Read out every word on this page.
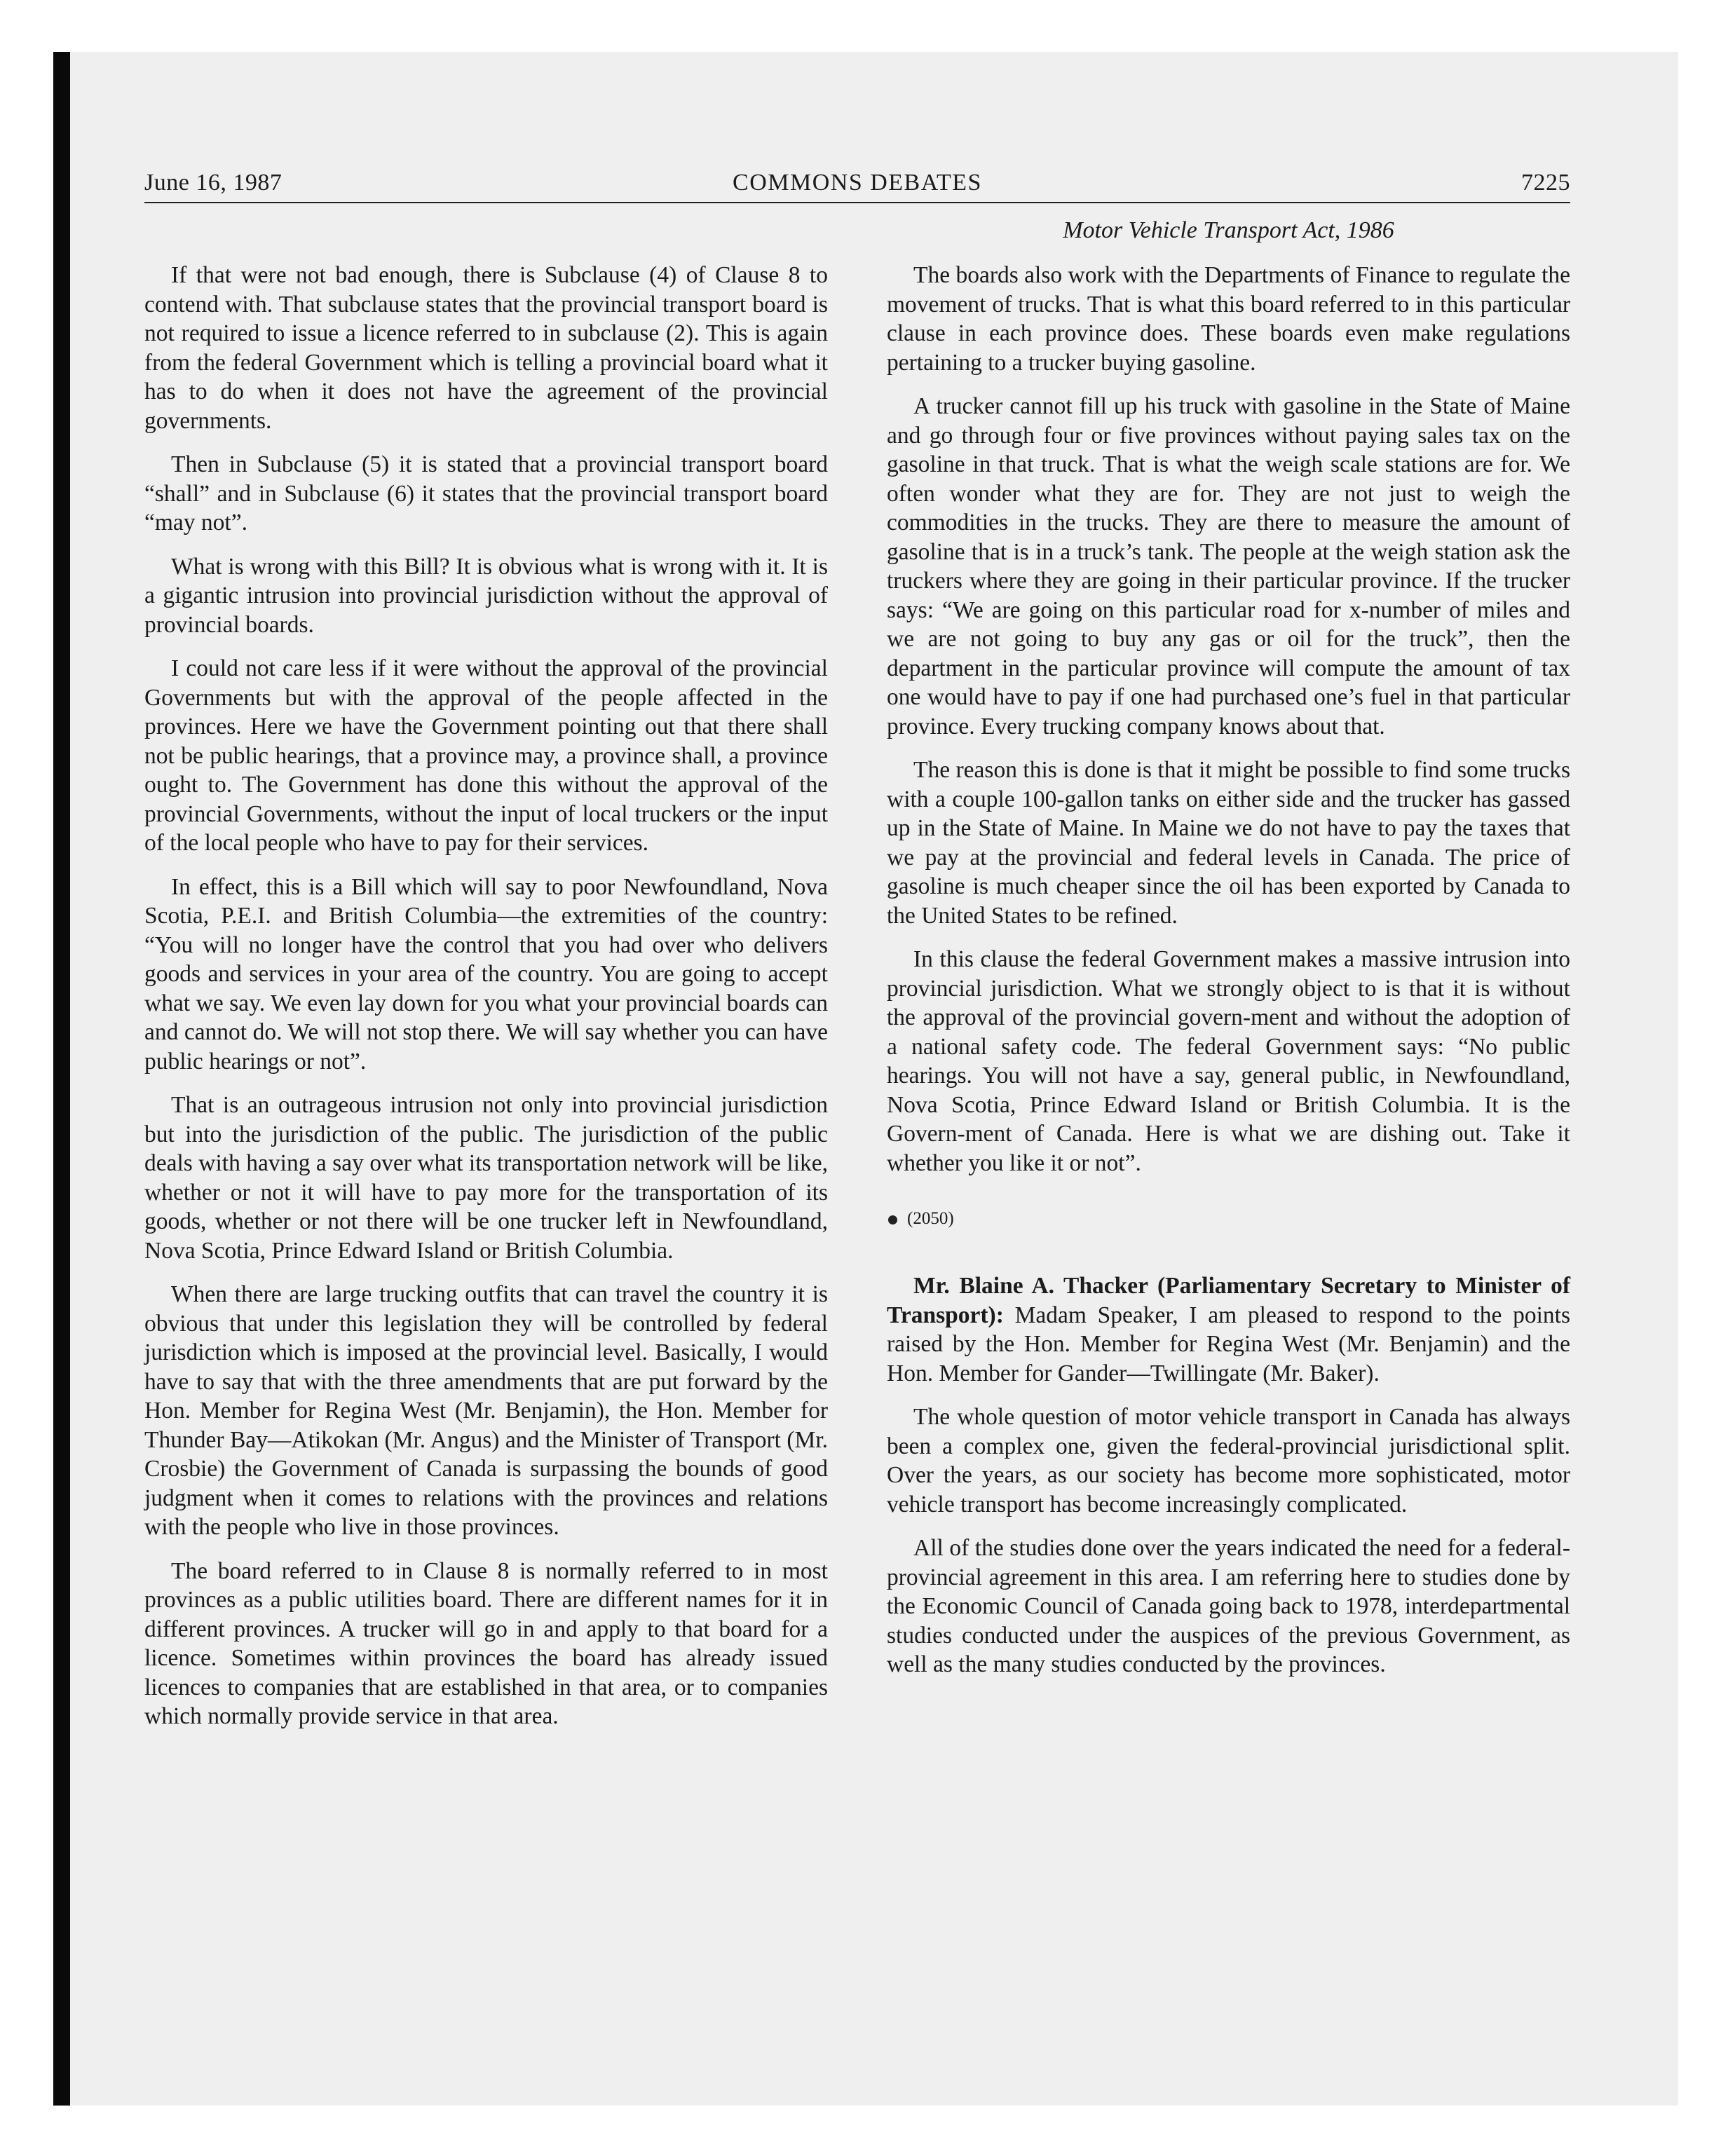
June 16, 1987	COMMONS DEBATES	7225
Motor Vehicle Transport Act, 1986

If that were not bad enough, there is Subclause (4) of Clause 8 to contend with. That subclause states that the provincial transport board is not required to issue a licence referred to in subclause (2). This is again from the federal Government which is telling a provincial board what it has to do when it does not have the agreement of the provincial governments.

Then in Subclause (5) it is stated that a provincial transport board “shall” and in Subclause (6) it states that the provincial transport board “may not”.

What is wrong with this Bill? It is obvious what is wrong with it. It is a gigantic intrusion into provincial jurisdiction without the approval of provincial boards.

I could not care less if it were without the approval of the provincial Governments but with the approval of the people affected in the provinces. Here we have the Government pointing out that there shall not be public hearings, that a province may, a province shall, a province ought to. The Government has done this without the approval of the provincial Governments, without the input of local truckers or the input of the local people who have to pay for their services.

In effect, this is a Bill which will say to poor Newfoundland, Nova Scotia, P.E.I. and British Columbia—the extremities of the country: “You will no longer have the control that you had over who delivers goods and services in your area of the country. You are going to accept what we say. We even lay down for you what your provincial boards can and cannot do. We will not stop there. We will say whether you can have public hearings or not”.

That is an outrageous intrusion not only into provincial jurisdiction but into the jurisdiction of the public. The jurisdiction of the public deals with having a say over what its transportation network will be like, whether or not it will have to pay more for the transportation of its goods, whether or not there will be one trucker left in Newfoundland, Nova Scotia, Prince Edward Island or British Columbia.

When there are large trucking outfits that can travel the country it is obvious that under this legislation they will be controlled by federal jurisdiction which is imposed at the provincial level. Basically, I would have to say that with the three amendments that are put forward by the Hon. Member for Regina West (Mr. Benjamin), the Hon. Member for Thunder Bay—Atikokan (Mr. Angus) and the Minister of Transport (Mr. Crosbie) the Government of Canada is surpassing the bounds of good judgment when it comes to relations with the provinces and relations with the people who live in those provinces.

The board referred to in Clause 8 is normally referred to in most provinces as a public utilities board. There are different names for it in different provinces. A trucker will go in and apply to that board for a licence. Sometimes within provinces the board has already issued licences to companies that are established in that area, or to companies which normally provide service in that area.

The boards also work with the Departments of Finance to regulate the movement of trucks. That is what this board referred to in this particular clause in each province does. These boards even make regulations pertaining to a trucker buying gasoline.

A trucker cannot fill up his truck with gasoline in the State of Maine and go through four or five provinces without paying sales tax on the gasoline in that truck. That is what the weigh scale stations are for. We often wonder what they are for. They are not just to weigh the commodities in the trucks. They are there to measure the amount of gasoline that is in a truck’s tank. The people at the weigh station ask the truckers where they are going in their particular province. If the trucker says: “We are going on this particular road for x-number of miles and we are not going to buy any gas or oil for the truck”, then the department in the particular province will compute the amount of tax one would have to pay if one had purchased one’s fuel in that particular province. Every trucking company knows about that.

The reason this is done is that it might be possible to find some trucks with a couple 100-gallon tanks on either side and the trucker has gassed up in the State of Maine. In Maine we do not have to pay the taxes that we pay at the provincial and federal levels in Canada. The price of gasoline is much cheaper since the oil has been exported by Canada to the United States to be refined.

In this clause the federal Government makes a massive intrusion into provincial jurisdiction. What we strongly object to is that it is without the approval of the provincial govern-ment and without the adoption of a national safety code. The federal Government says: “No public hearings. You will not have a say, general public, in Newfoundland, Nova Scotia, Prince Edward Island or British Columbia. It is the Govern-ment of Canada. Here is what we are dishing out. Take it whether you like it or not”.

(2050)

Mr. Blaine A. Thacker (Parliamentary Secretary to Minister of Transport): Madam Speaker, I am pleased to respond to the points raised by the Hon. Member for Regina West (Mr. Benjamin) and the Hon. Member for Gander—Twillingate (Mr. Baker).

The whole question of motor vehicle transport in Canada has always been a complex one, given the federal-provincial jurisdictional split. Over the years, as our society has become more sophisticated, motor vehicle transport has become increasingly complicated.

All of the studies done over the years indicated the need for a federal-provincial agreement in this area. I am referring here to studies done by the Economic Council of Canada going back to 1978, interdepartmental studies conducted under the auspices of the previous Government, as well as the many studies conducted by the provinces.
